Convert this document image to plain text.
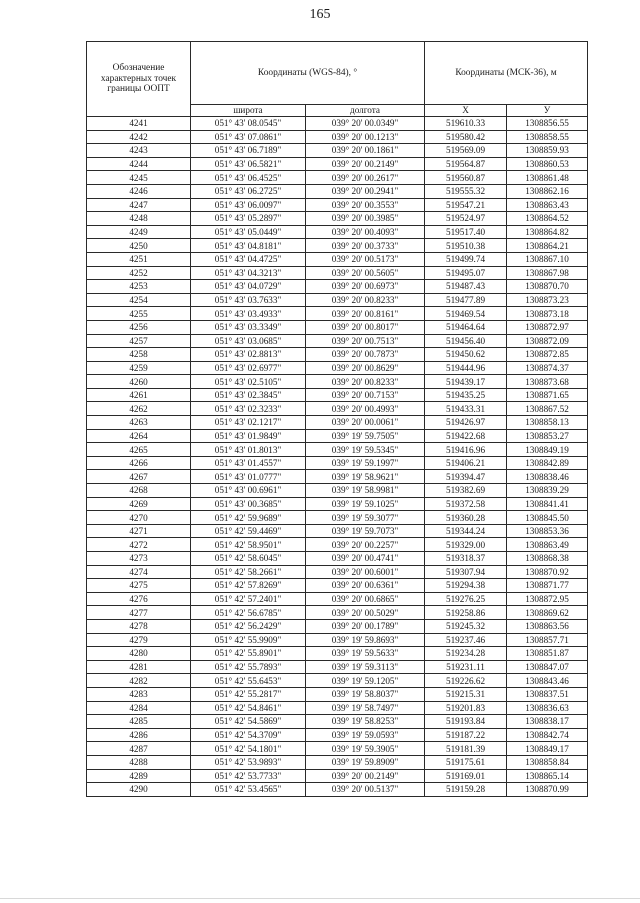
165
Обозначение характерных точек границы ООПТ	Координаты (WGS-84), °		Координаты (МСК-36), м	
	широта	долгота	X	У
4241	051° 43' 08.0545"	039° 20' 00.0349"	519610.33	1308856.55
4242	051° 43' 07.0861"	039° 20' 00.1213"	519580.42	1308858.55
4243	051° 43' 06.7189"	039° 20' 00.1861"	519569.09	1308859.93
4244	051° 43' 06.5821"	039° 20' 00.2149"	519564.87	1308860.53
4245	051° 43' 06.4525"	039° 20' 00.2617"	519560.87	1308861.48
4246	051° 43' 06.2725"	039° 20' 00.2941"	519555.32	1308862.16
4247	051° 43' 06.0097"	039° 20' 00.3553"	519547.21	1308863.43
4248	051° 43' 05.2897"	039° 20' 00.3985"	519524.97	1308864.52
4249	051° 43' 05.0449"	039° 20' 00.4093"	519517.40	1308864.82
4250	051° 43' 04.8181"	039° 20' 00.3733"	519510.38	1308864.21
4251	051° 43' 04.4725"	039° 20' 00.5173"	519499.74	1308867.10
4252	051° 43' 04.3213"	039° 20' 00.5605"	519495.07	1308867.98
4253	051° 43' 04.0729"	039° 20' 00.6973"	519487.43	1308870.70
4254	051° 43' 03.7633"	039° 20' 00.8233"	519477.89	1308873.23
4255	051° 43' 03.4933"	039° 20' 00.8161"	519469.54	1308873.18
4256	051° 43' 03.3349"	039° 20' 00.8017"	519464.64	1308872.97
4257	051° 43' 03.0685"	039° 20' 00.7513"	519456.40	1308872.09
4258	051° 43' 02.8813"	039° 20' 00.7873"	519450.62	1308872.85
4259	051° 43' 02.6977"	039° 20' 00.8629"	519444.96	1308874.37
4260	051° 43' 02.5105"	039° 20' 00.8233"	519439.17	1308873.68
4261	051° 43' 02.3845"	039° 20' 00.7153"	519435.25	1308871.65
4262	051° 43' 02.3233"	039° 20' 00.4993"	519433.31	1308867.52
4263	051° 43' 02.1217"	039° 20' 00.0061"	519426.97	1308858.13
4264	051° 43' 01.9849"	039° 19' 59.7505"	519422.68	1308853.27
4265	051° 43' 01.8013"	039° 19' 59.5345"	519416.96	1308849.19
4266	051° 43' 01.4557"	039° 19' 59.1997"	519406.21	1308842.89
4267	051° 43' 01.0777"	039° 19' 58.9621"	519394.47	1308838.46
4268	051° 43' 00.6961"	039° 19' 58.9981"	519382.69	1308839.29
4269	051° 43' 00.3685"	039° 19' 59.1025"	519372.58	1308841.41
4270	051° 42' 59.9689"	039° 19' 59.3077"	519360.28	1308845.50
4271	051° 42' 59.4469"	039° 19' 59.7073"	519344.24	1308853.36
4272	051° 42' 58.9501"	039° 20' 00.2257"	519329.00	1308863.49
4273	051° 42' 58.6045"	039° 20' 00.4741"	519318.37	1308868.38
4274	051° 42' 58.2661"	039° 20' 00.6001"	519307.94	1308870.92
4275	051° 42' 57.8269"	039° 20' 00.6361"	519294.38	1308871.77
4276	051° 42' 57.2401"	039° 20' 00.6865"	519276.25	1308872.95
4277	051° 42' 56.6785"	039° 20' 00.5029"	519258.86	1308869.62
4278	051° 42' 56.2429"	039° 20' 00.1789"	519245.32	1308863.56
4279	051° 42' 55.9909"	039° 19' 59.8693"	519237.46	1308857.71
4280	051° 42' 55.8901"	039° 19' 59.5633"	519234.28	1308851.87
4281	051° 42' 55.7893"	039° 19' 59.3113"	519231.11	1308847.07
4282	051° 42' 55.6453"	039° 19' 59.1205"	519226.62	1308843.46
4283	051° 42' 55.2817"	039° 19' 58.8037"	519215.31	1308837.51
4284	051° 42' 54.8461"	039° 19' 58.7497"	519201.83	1308836.63
4285	051° 42' 54.5869"	039° 19' 58.8253"	519193.84	1308838.17
4286	051° 42' 54.3709"	039° 19' 59.0593"	519187.22	1308842.74
4287	051° 42' 54.1801"	039° 19' 59.3905"	519181.39	1308849.17
4288	051° 42' 53.9893"	039° 19' 59.8909"	519175.61	1308858.84
4289	051° 42' 53.7733"	039° 20' 00.2149"	519169.01	1308865.14
4290	051° 42' 53.4565"	039° 20' 00.5137"	519159.28	1308870.99
